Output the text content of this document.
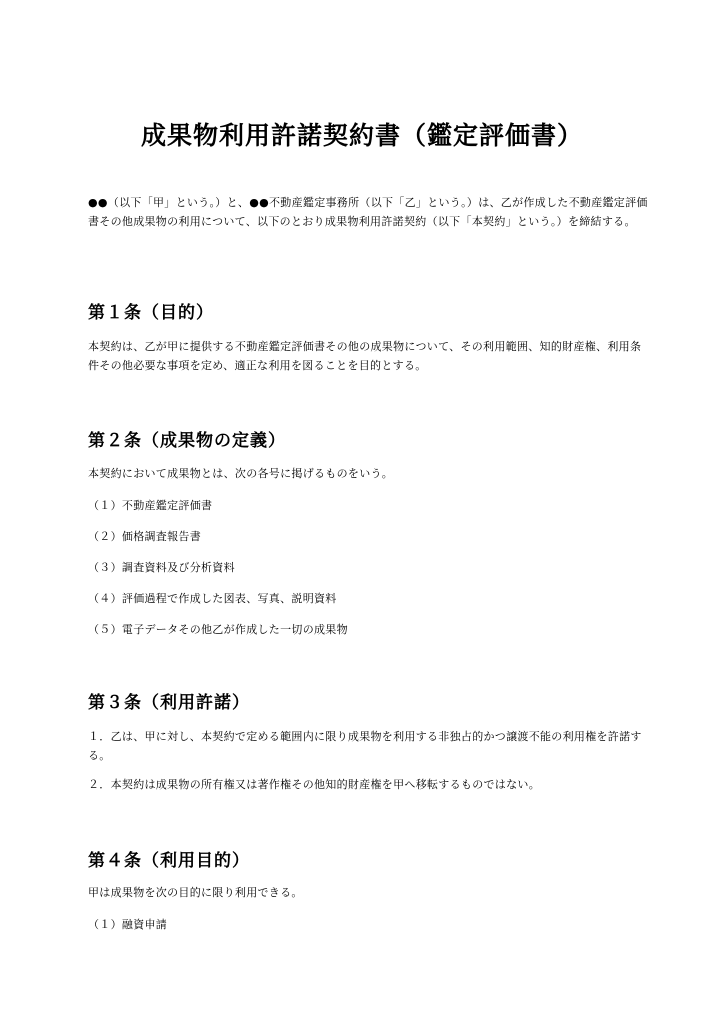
成果物利用許諾契約書（鑑定評価書）
●●（以下「甲」という。）と、●●不動産鑑定事務所（以下「乙」という。）は、乙が作成した不動産鑑定評価書その他成果物の利用について、以下のとおり成果物利用許諾契約（以下「本契約」という。）を締結する。
第１条（目的）
本契約は、乙が甲に提供する不動産鑑定評価書その他の成果物について、その利用範囲、知的財産権、利用条件その他必要な事項を定め、適正な利用を図ることを目的とする。
第２条（成果物の定義）
本契約において成果物とは、次の各号に掲げるものをいう。
（１）不動産鑑定評価書
（２）価格調査報告書
（３）調査資料及び分析資料
（４）評価過程で作成した図表、写真、説明資料
（５）電子データその他乙が作成した一切の成果物
第３条（利用許諾）
１．乙は、甲に対し、本契約で定める範囲内に限り成果物を利用する非独占的かつ譲渡不能の利用権を許諾する。
２．本契約は成果物の所有権又は著作権その他知的財産権を甲へ移転するものではない。
第４条（利用目的）
甲は成果物を次の目的に限り利用できる。
（１）融資申請
